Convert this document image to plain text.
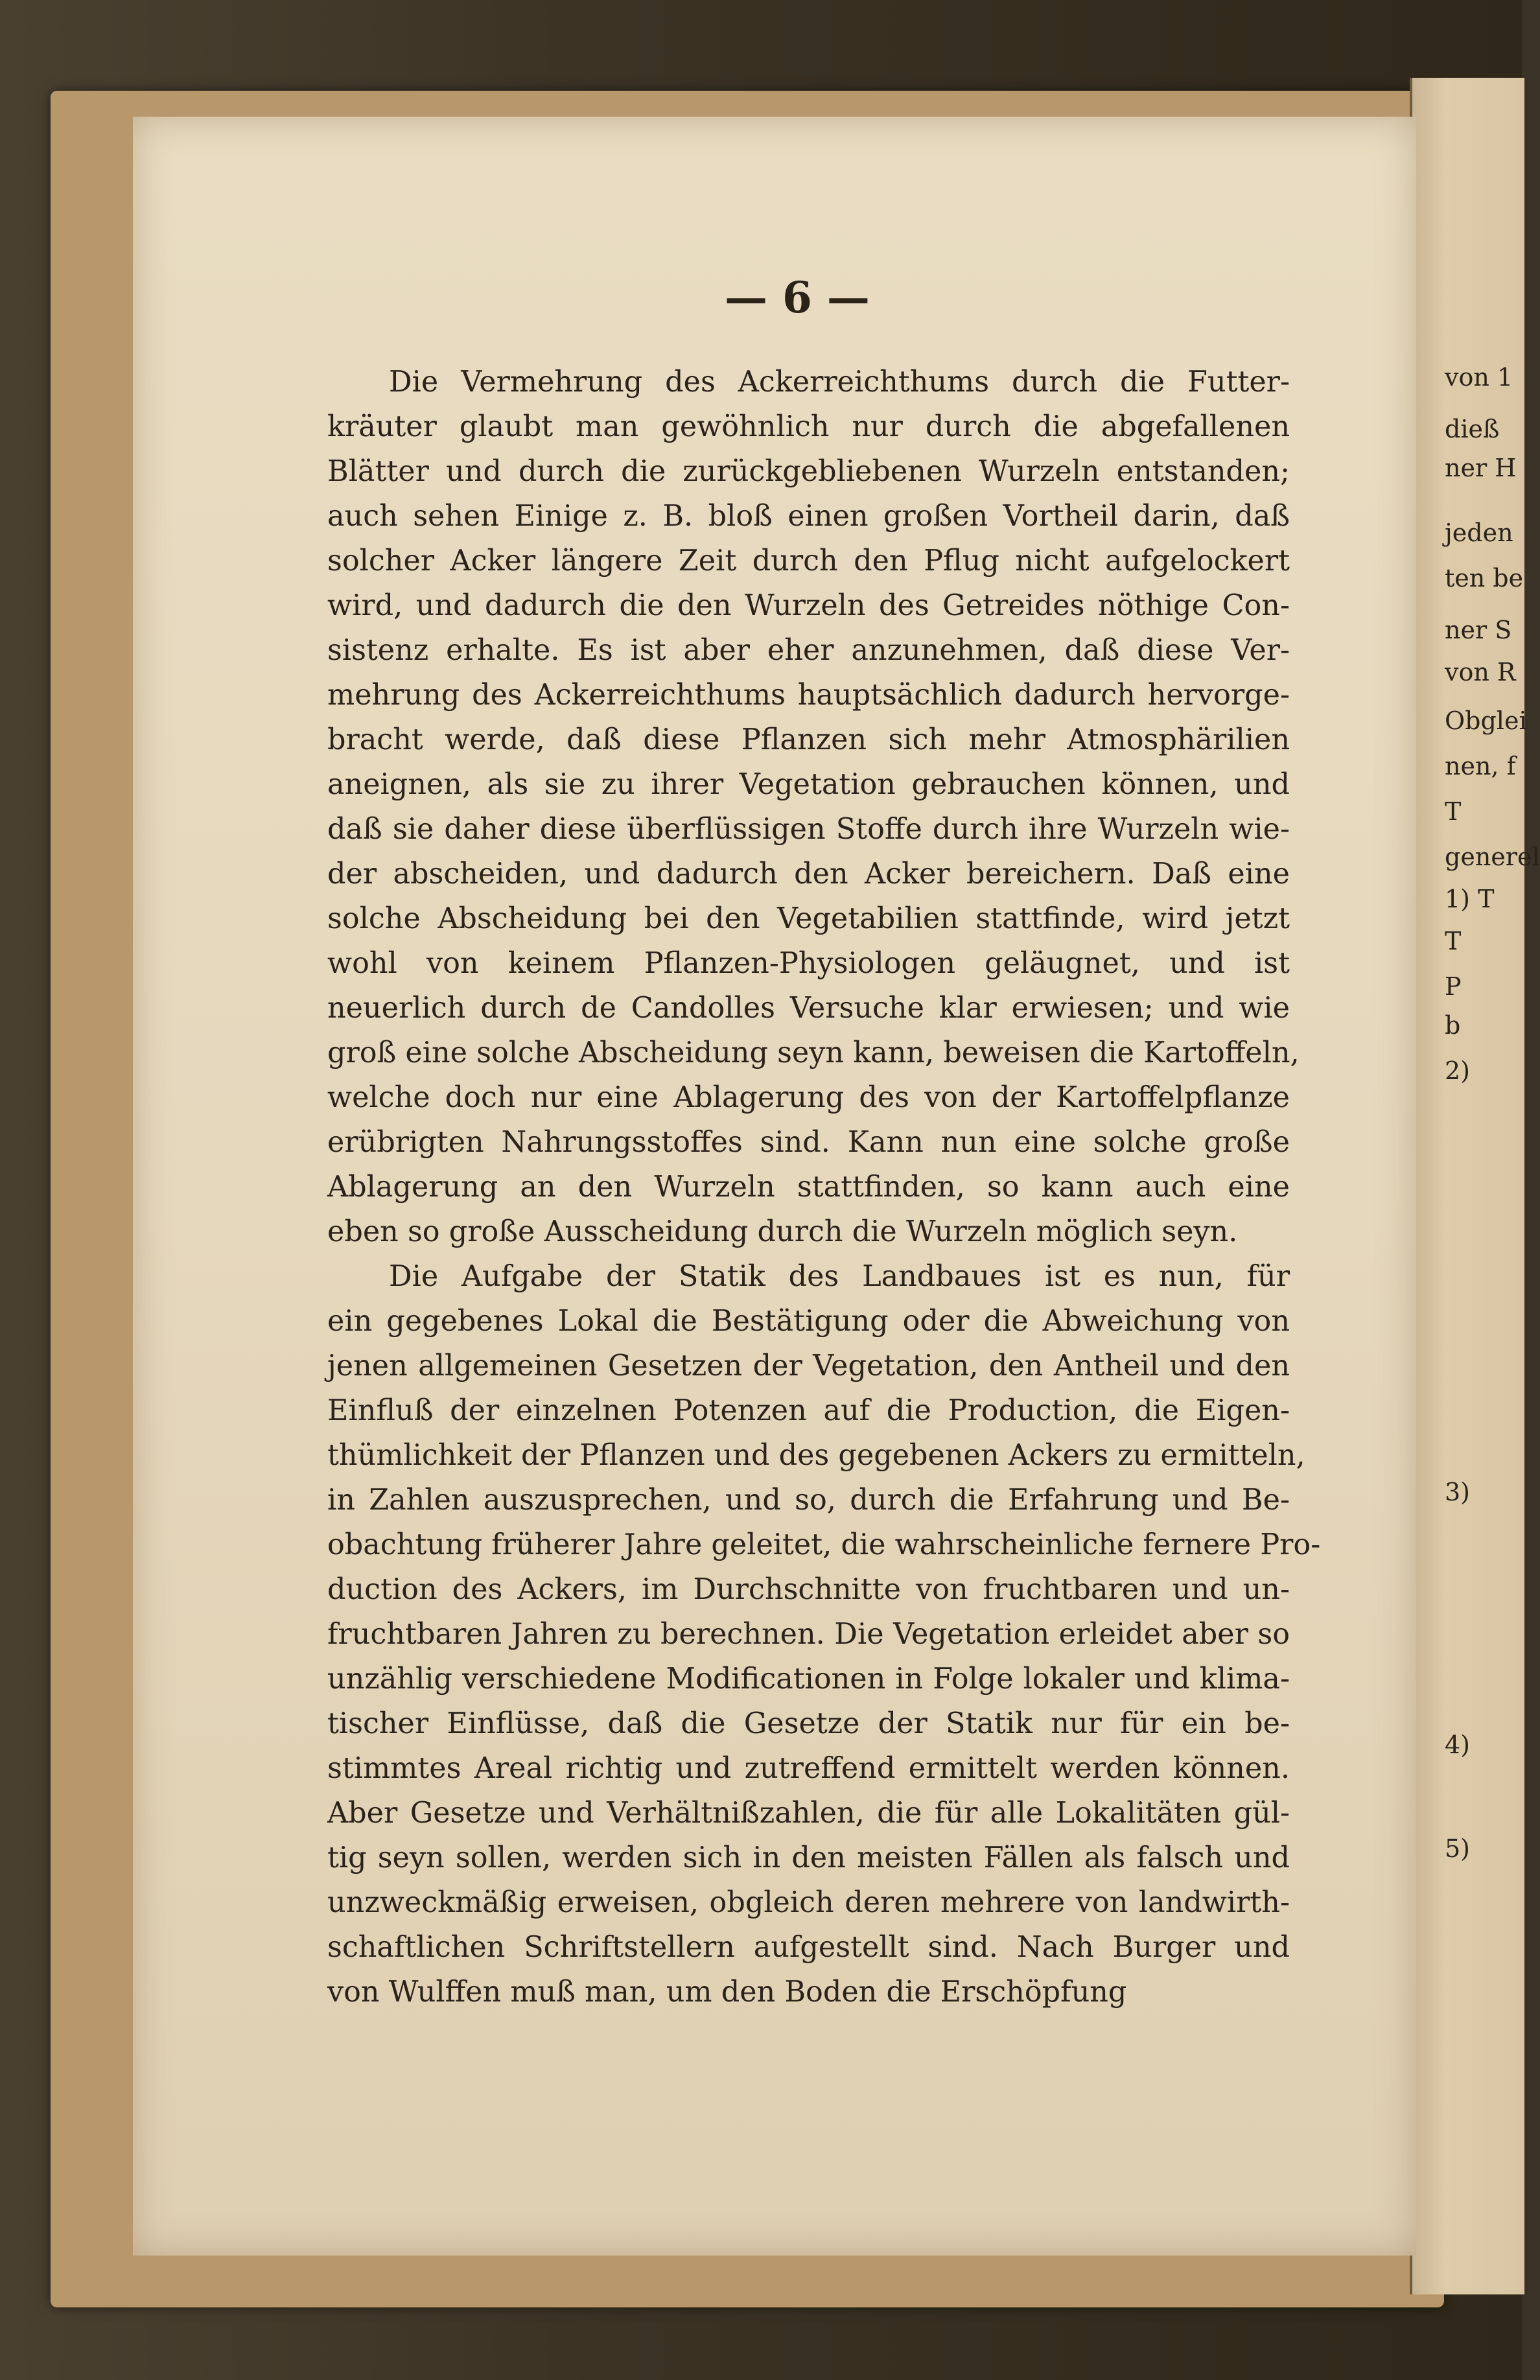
von 1
dieß
ner H
jeden
ten be
ner S
von R
Obglei
nen, f
T
generel
1) T
T
P
b
2)
3)
4)
5)
— 6 —
Die Vermehrung des Ackerreichthums durch die Futter-
kräuter glaubt man gewöhnlich nur durch die abgefallenen
Blätter und durch die zurückgebliebenen Wurzeln entstanden;
auch sehen Einige z. B. bloß einen großen Vortheil darin, daß
solcher Acker längere Zeit durch den Pflug nicht aufgelockert
wird, und dadurch die den Wurzeln des Getreides nöthige Con-
sistenz erhalte. Es ist aber eher anzunehmen, daß diese Ver-
mehrung des Ackerreichthums hauptsächlich dadurch hervorge-
bracht werde, daß diese Pflanzen sich mehr Atmosphärilien
aneignen, als sie zu ihrer Vegetation gebrauchen können, und
daß sie daher diese überflüssigen Stoffe durch ihre Wurzeln wie-
der abscheiden, und dadurch den Acker bereichern. Daß eine
solche Abscheidung bei den Vegetabilien stattfinde, wird jetzt
wohl von keinem Pflanzen-Physiologen geläugnet, und ist
neuerlich durch de Candolles Versuche klar erwiesen; und wie
groß eine solche Abscheidung seyn kann, beweisen die Kartoffeln,
welche doch nur eine Ablagerung des von der Kartoffelpflanze
erübrigten Nahrungsstoffes sind. Kann nun eine solche große
Ablagerung an den Wurzeln stattfinden, so kann auch eine
eben so große Ausscheidung durch die Wurzeln möglich seyn.
Die Aufgabe der Statik des Landbaues ist es nun, für
ein gegebenes Lokal die Bestätigung oder die Abweichung von
jenen allgemeinen Gesetzen der Vegetation, den Antheil und den
Einfluß der einzelnen Potenzen auf die Production, die Eigen-
thümlichkeit der Pflanzen und des gegebenen Ackers zu ermitteln,
in Zahlen auszusprechen, und so, durch die Erfahrung und Be-
obachtung früherer Jahre geleitet, die wahrscheinliche fernere Pro-
duction des Ackers, im Durchschnitte von fruchtbaren und un-
fruchtbaren Jahren zu berechnen. Die Vegetation erleidet aber so
unzählig verschiedene Modificationen in Folge lokaler und klima-
tischer Einflüsse, daß die Gesetze der Statik nur für ein be-
stimmtes Areal richtig und zutreffend ermittelt werden können.
Aber Gesetze und Verhältnißzahlen, die für alle Lokalitäten gül-
tig seyn sollen, werden sich in den meisten Fällen als falsch und
unzweckmäßig erweisen, obgleich deren mehrere von landwirth-
schaftlichen Schriftstellern aufgestellt sind. Nach Burger und
von Wulffen muß man, um den Boden die Erschöpfung
